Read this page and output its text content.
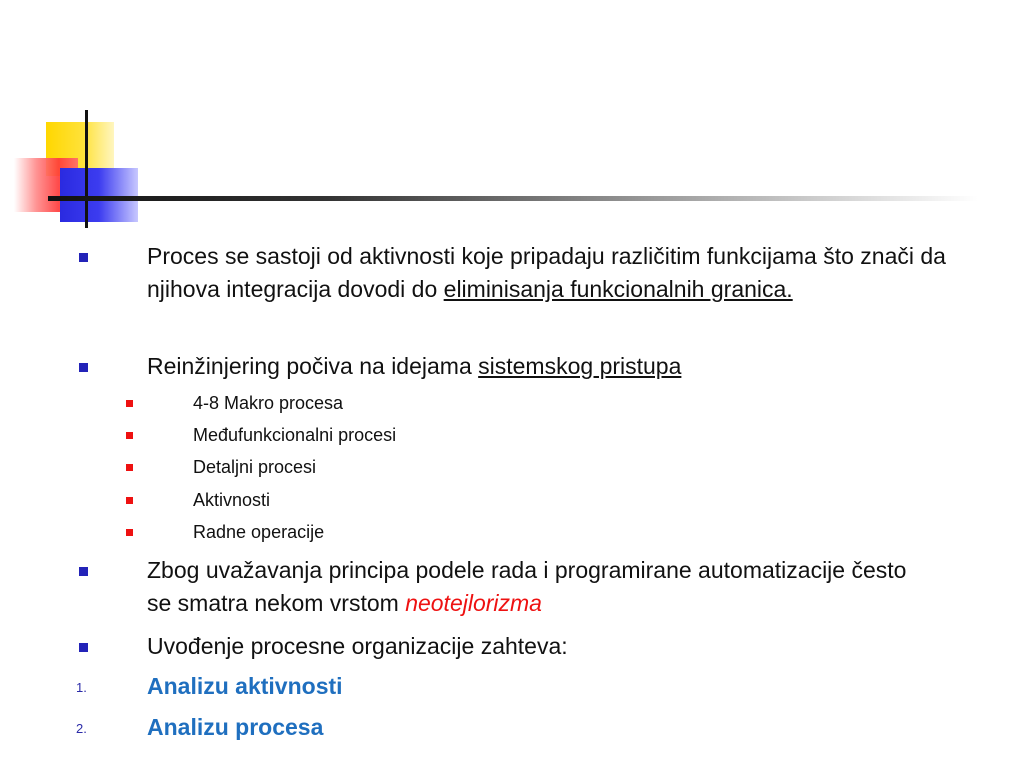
Proces se sastoji od aktivnosti koje pripadaju različitim funkcijama što znači da njihova integracija dovodi do eliminisanja funkcionalnih granica.
Reinžinjering počiva na idejama sistemskog pristupa
4-8 Makro procesa
Međufunkcionalni procesi
Detaljni procesi
Aktivnosti
Radne operacije
Zbog uvažavanja principa podele rada i programirane automatizacije često se smatra nekom vrstom neotejlorizma
Uvođenje procesne organizacije zahteva:
1.	Analizu aktivnosti
2.	Analizu procesa
